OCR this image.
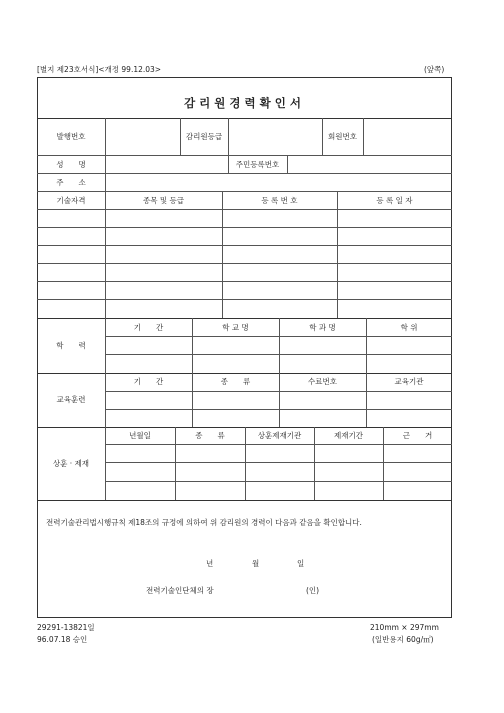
[별지 제23호서식]<개정 99.12.03>	(앞쪽)
감리원경력확인서
발행번호	감리원등급	회원번호
성　　명	주민등록번호
주　　소
기술자격	종목 및 등급	등 록 번 호	등 록 일 자
학　　력
기　　간	학 교 명	학 과 명	학 위
교육훈련
기　　간	종　　류	수료번호	교육기관
상훈 · 제재
년월일	종　　류	상훈제재기관	제재기간	근　　거
전력기술관리법시행규칙 제18조의 규정에 의하여 위 감리원의 경력이 다음과 같음을 확인합니다.
년	월	일
전력기술인단체의 장	(인)
29291-13821일
96.07.18 승인
210mm × 297mm
(일반용지 60g/㎡)
